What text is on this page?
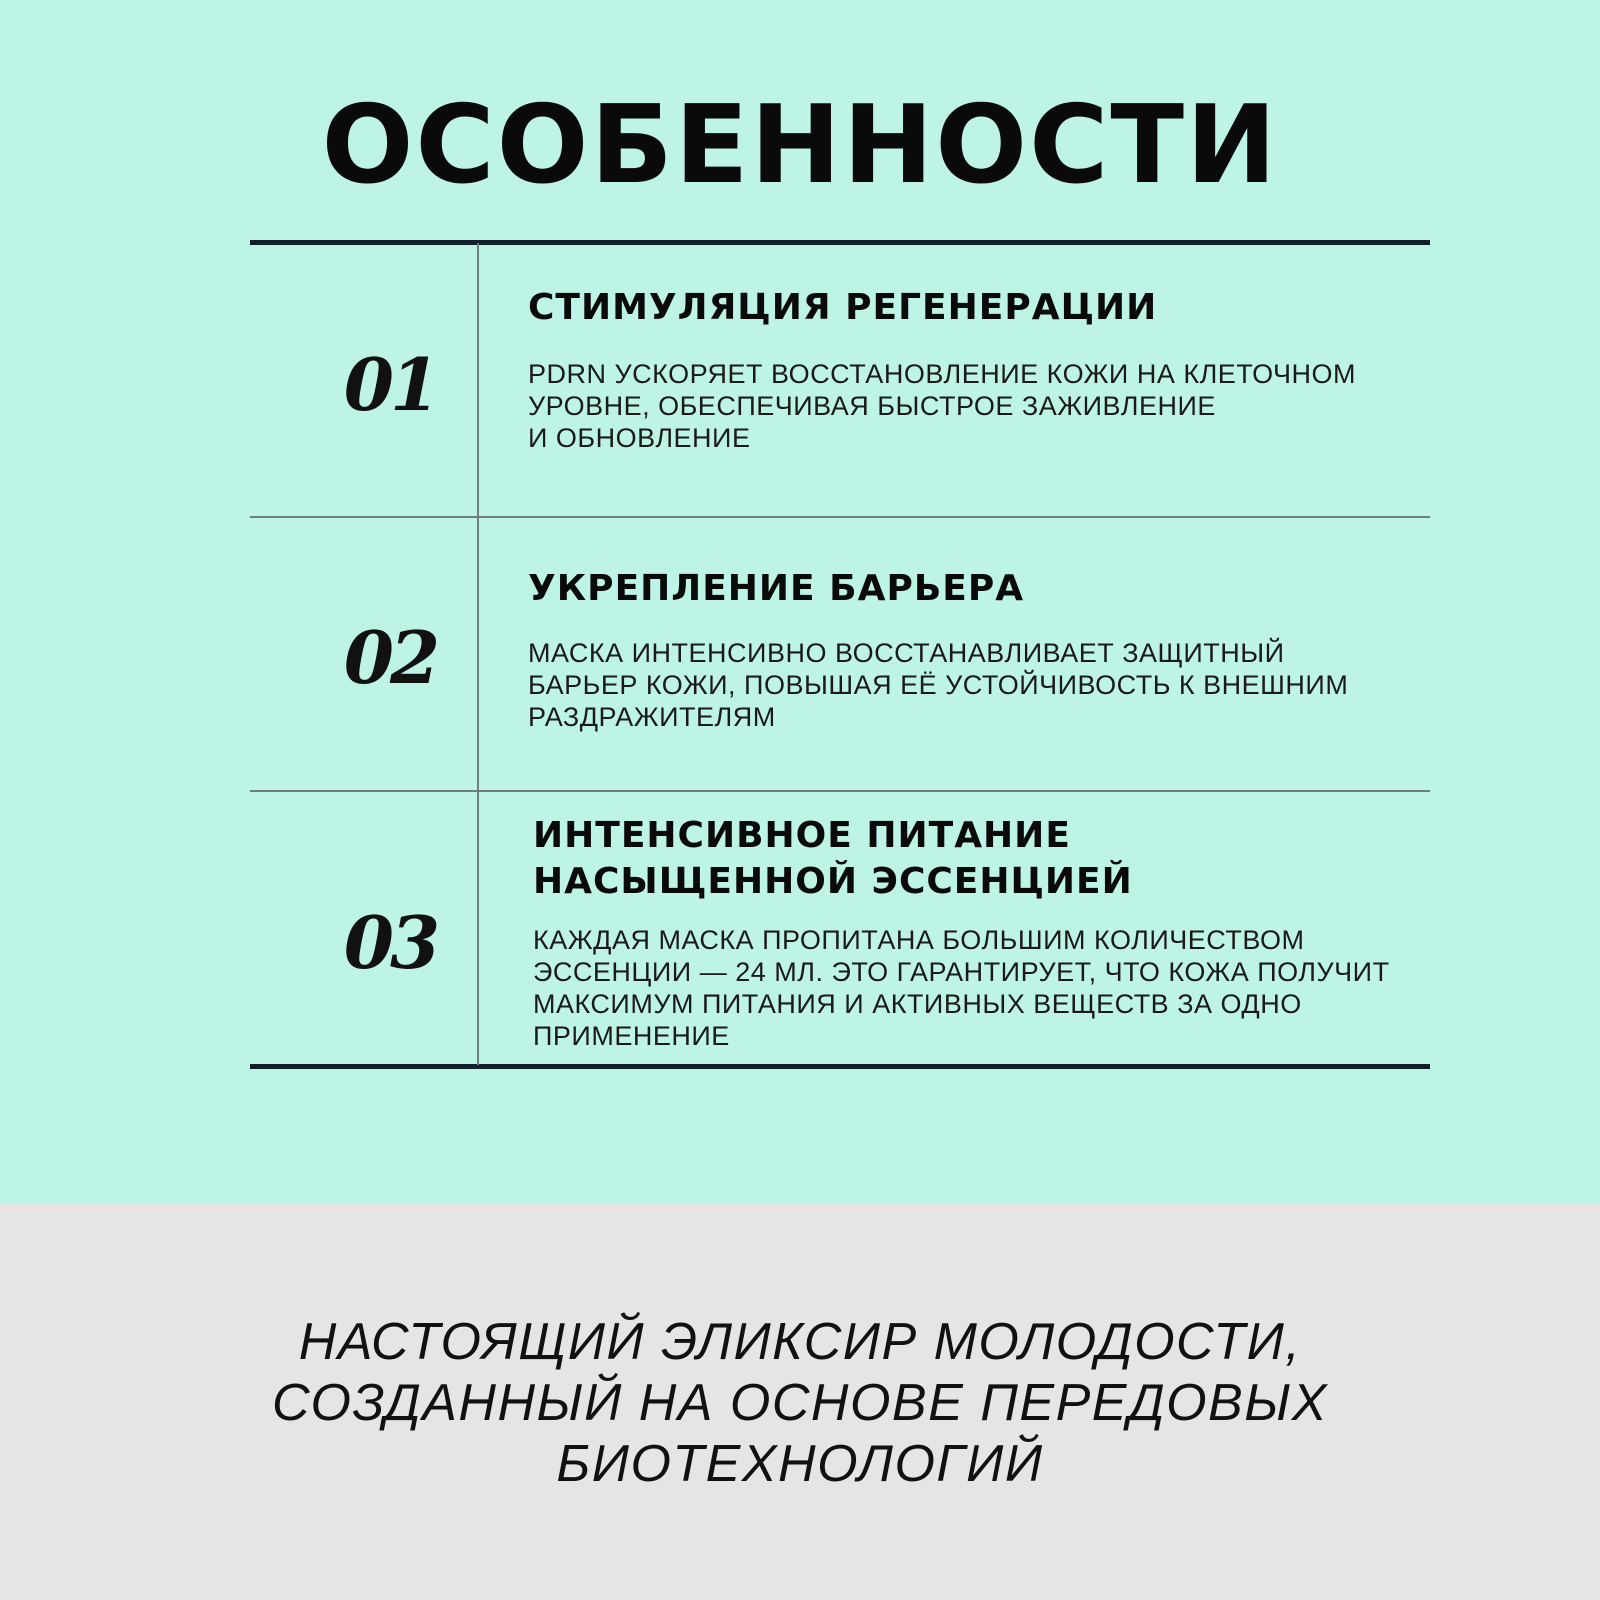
ОСОБЕННОСТИ
01
СТИМУЛЯЦИЯ РЕГЕНЕРАЦИИ
PDRN УСКОРЯЕТ ВОССТАНОВЛЕНИЕ КОЖИ НА КЛЕТОЧНОМ
УРОВНЕ, ОБЕСПЕЧИВАЯ БЫСТРОЕ ЗАЖИВЛЕНИЕ
И ОБНОВЛЕНИЕ
02
УКРЕПЛЕНИЕ БАРЬЕРА
МАСКА ИНТЕНСИВНО ВОССТАНАВЛИВАЕТ ЗАЩИТНЫЙ
БАРЬЕР КОЖИ, ПОВЫШАЯ ЕЁ УСТОЙЧИВОСТЬ К ВНЕШНИМ
РАЗДРАЖИТЕЛЯМ
03
ИНТЕНСИВНОЕ ПИТАНИЕ
НАСЫЩЕННОЙ ЭССЕНЦИЕЙ
КАЖДАЯ МАСКА ПРОПИТАНА БОЛЬШИМ КОЛИЧЕСТВОМ
ЭССЕНЦИИ — 24 МЛ. ЭТО ГАРАНТИРУЕТ, ЧТО КОЖА ПОЛУЧИТ
МАКСИМУМ ПИТАНИЯ И АКТИВНЫХ ВЕЩЕСТВ ЗА ОДНО
ПРИМЕНЕНИЕ
НАСТОЯЩИЙ ЭЛИКСИР МОЛОДОСТИ,
СОЗДАННЫЙ НА ОСНОВЕ ПЕРЕДОВЫХ
БИОТЕХНОЛОГИЙ
